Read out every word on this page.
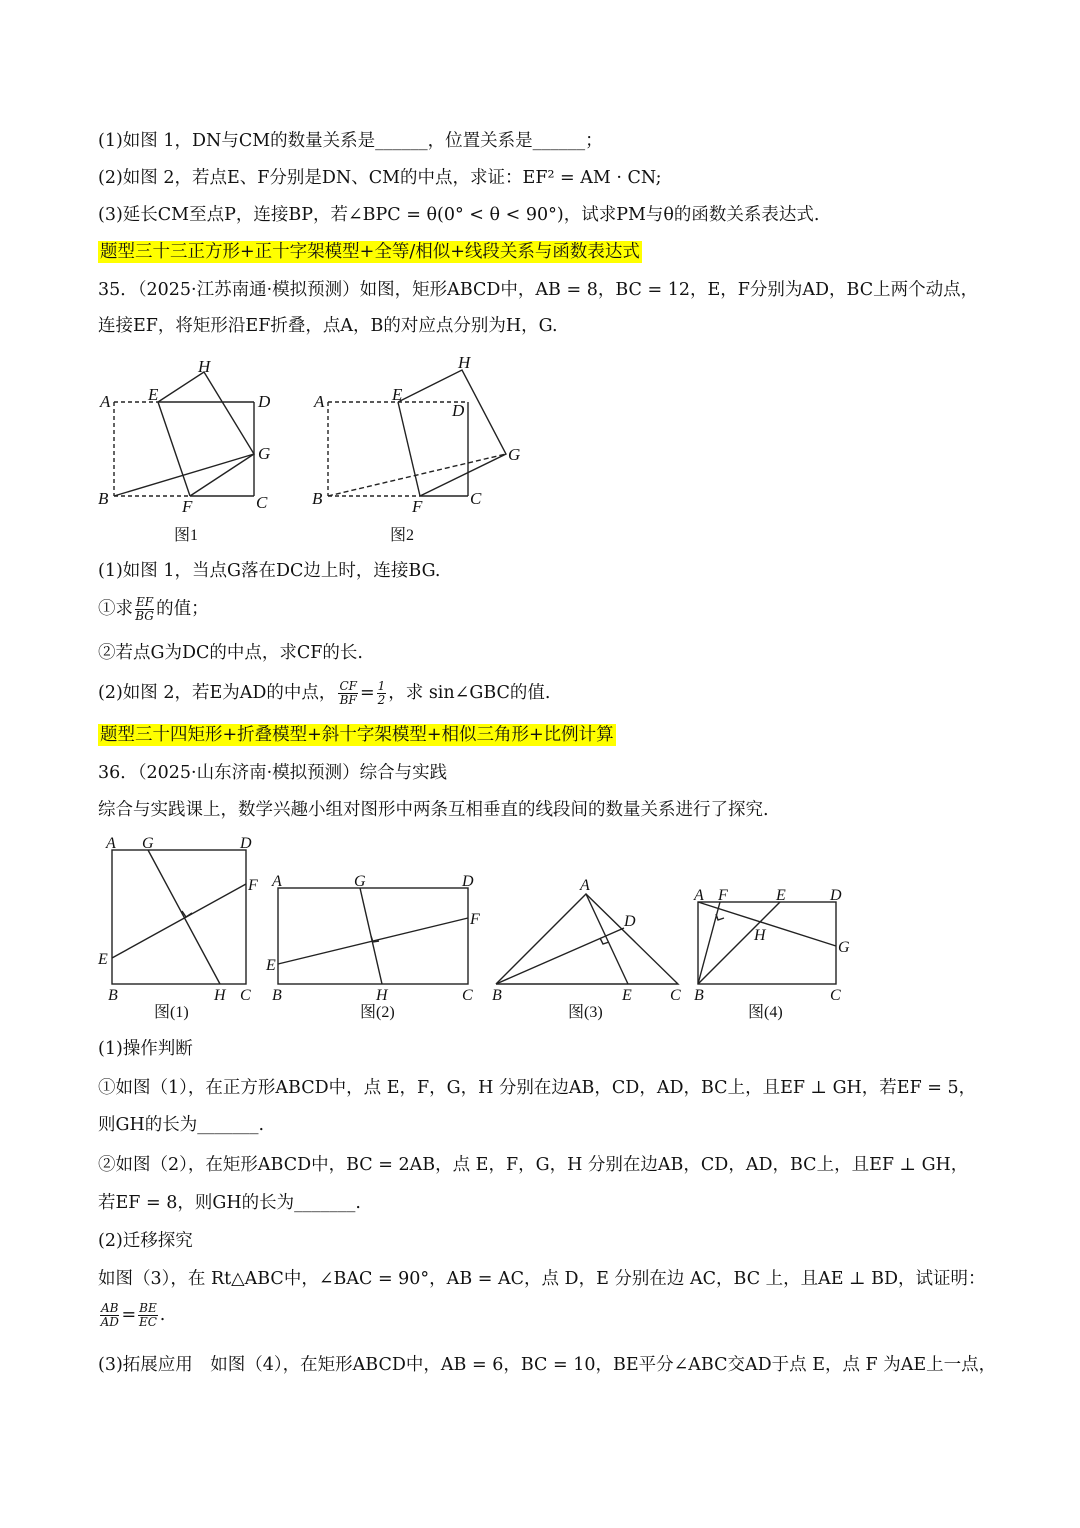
(1)如图 1，DN与CM的数量关系是______，位置关系是______；
(2)如图 2，若点E、F分别是DN、CM的中点，求证：EF² = AM · CN;
(3)延长CM至点P，连接BP，若∠BPC = θ(0° < θ < 90°)，试求PM与θ的函数关系表达式.
题型三十三正方形+正十字架模型+全等/相似+线段关系与函数表达式
35．（2025·江苏南通·模拟预测）如图，矩形ABCD中，AB = 8，BC = 12，E，F分别为AD，BC上两个动点，
连接EF，将矩形沿EF折叠，点A，B的对应点分别为H，G.
A E
H
D
G
B	F	C
图1
A	E
H
D
G
B	F	C
图2
(1)如图 1，当点G落在DC边上时，连接BG.
①求 $\frac{EF}{BG}$ 的值；
②若点G为DC的中点，求CF的长.
(2)如图 2，若E为AD的中点， $\frac{CF}{BF} = \frac{1}{2}$ ，求 sin∠GBC的值.
题型三十四矩形+折叠模型+斜十字架模型+相似三角形+比例计算
36．（2025·山东济南·模拟预测）综合与实践
综合与实践课上，数学兴趣小组对图形中两条互相垂直的线段间的数量关系进行了探究.
A G	D
F
E
B	H C
图(1)
A	G	D
F
E
B	H	C
图(2)
A
D
B	E C
图(3)
A F	E	D
G
H
B	C
图(4)
(1)操作判断
①如图（1），在正方形ABCD中，点 E，F，G，H 分别在边AB，CD，AD，BC上，且EF ⊥ GH，若EF = 5，
则GH的长为_______.
②如图（2），在矩形ABCD中，BC = 2AB，点 E，F，G，H 分别在边AB，CD，AD，BC上，且EF ⊥ GH，
若EF = 8，则GH的长为_______.
(2)迁移探究
如图（3），在 Rt△ABC中，∠BAC = 90°，AB = AC，点 D，E 分别在边 AC，BC 上，且AE ⊥ BD，试证明：
$\frac{AB}{AD} = \frac{BE}{EC}$ .
(3)拓展应用　如图（4），在矩形ABCD中，AB = 6，BC = 10，BE平分∠ABC交AD于点 E，点 F 为AE上一点，
